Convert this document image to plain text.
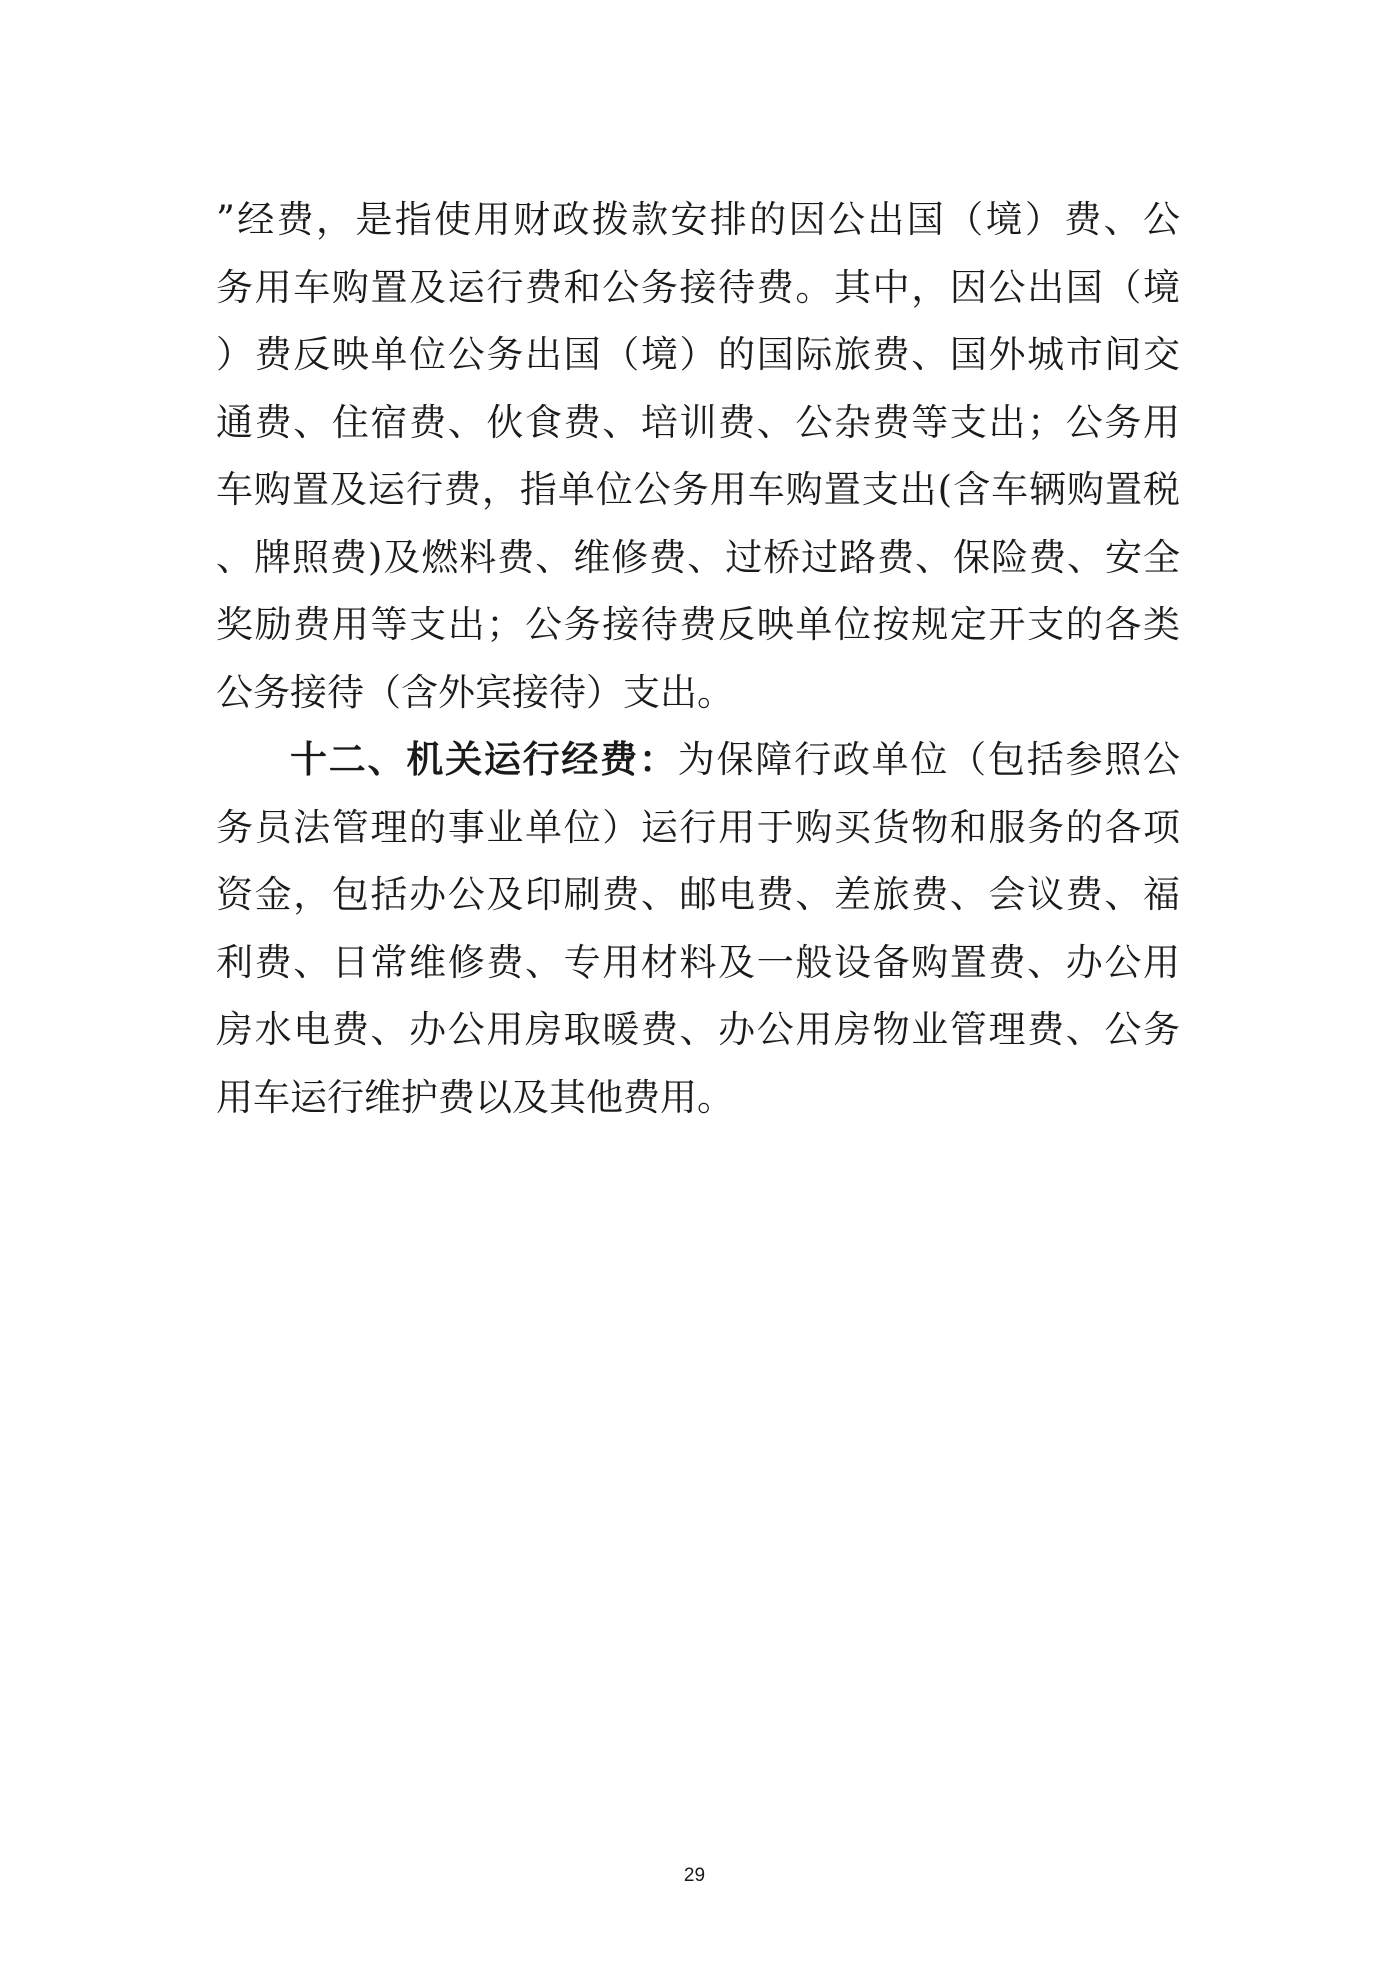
”经费，是指使用财政拨款安排的因公出国（境）费、公
务用车购置及运行费和公务接待费。其中，因公出国（境
）费反映单位公务出国（境）的国际旅费、国外城市间交
通费、住宿费、伙食费、培训费、公杂费等支出；公务用
车购置及运行费，指单位公务用车购置支出(含车辆购置税
、牌照费)及燃料费、维修费、过桥过路费、保险费、安全
奖励费用等支出；公务接待费反映单位按规定开支的各类
公务接待（含外宾接待）支出。
十二、机关运行经费：为保障行政单位（包括参照公
务员法管理的事业单位）运行用于购买货物和服务的各项
资金，包括办公及印刷费、邮电费、差旅费、会议费、福
利费、日常维修费、专用材料及一般设备购置费、办公用
房水电费、办公用房取暖费、办公用房物业管理费、公务
用车运行维护费以及其他费用。
29
